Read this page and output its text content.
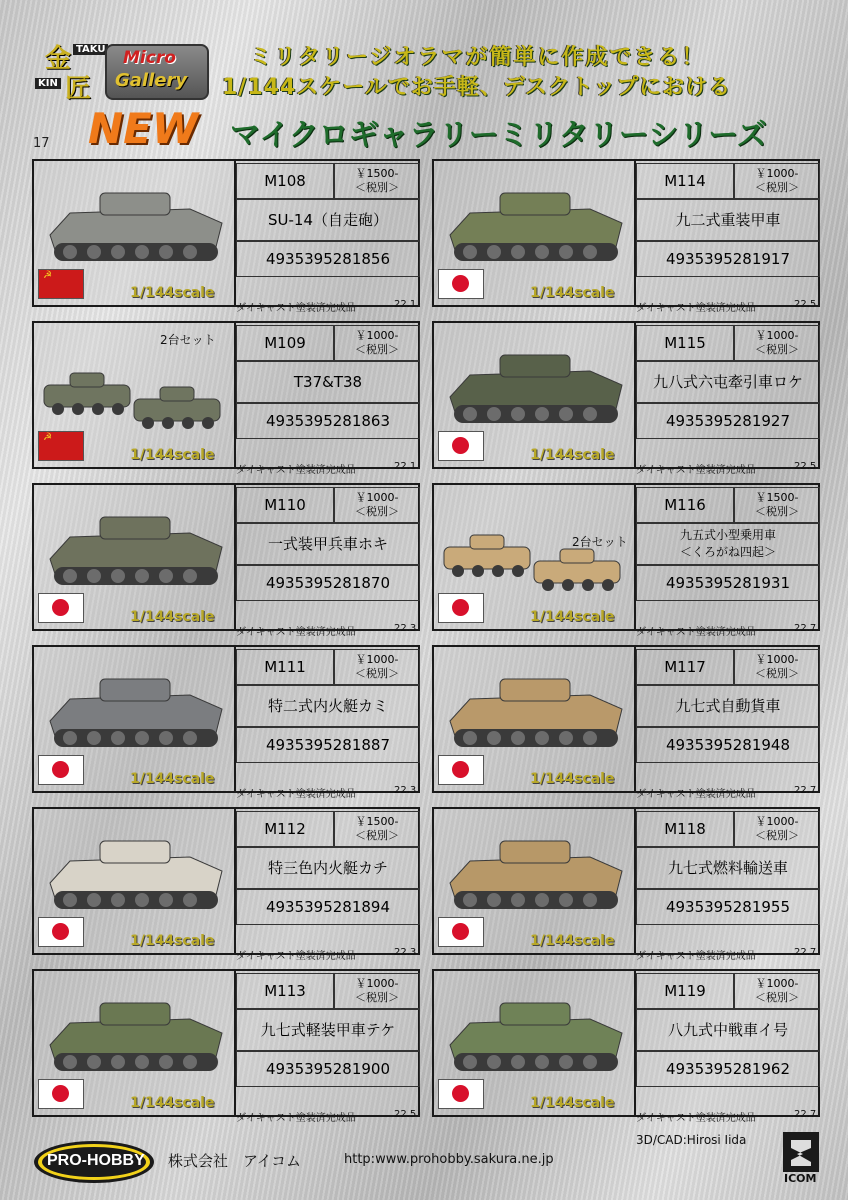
金
匠
KIN
TAKU Micro
Gallery
ミリタリージオラマが簡単に作成できる！
1/144スケールでお手軽、デスクトップにおける
NEW マイクロギャラリーミリタリーシリーズ
17
☭
1/144scale
M108	￥1500-
＜税別＞
SU-14（自走砲）
4935395281856
ダイキャスト塗装済完成品	22.1
1/144scale
M114	￥1000-
＜税別＞
九二式重装甲車
4935395281917
ダイキャスト塗装済完成品	22.5
2台セット
☭
1/144scale
M109	￥1000-
＜税別＞
T37&T38
4935395281863
ダイキャスト塗装済完成品	22.1
1/144scale
M115	￥1000-
＜税別＞
九八式六屯牽引車ロケ
4935395281927
ダイキャスト塗装済完成品	22.5
1/144scale
M110	￥1000-
＜税別＞
一式装甲兵車ホキ
4935395281870
ダイキャスト塗装済完成品	22.3
2台セット
1/144scale
M116	￥1500-
＜税別＞
九五式小型乗用車
＜くろがね四起＞
4935395281931
ダイキャスト塗装済完成品	22.7
1/144scale
M111	￥1000-
＜税別＞
特二式内火艇カミ
4935395281887
ダイキャスト塗装済完成品	22.3
1/144scale
M117	￥1000-
＜税別＞
九七式自動貨車
4935395281948
ダイキャスト塗装済完成品	22.7
1/144scale
M112	￥1500-
＜税別＞
特三色内火艇カチ
4935395281894
ダイキャスト塗装済完成品	22.3
1/144scale
M118	￥1000-
＜税別＞
九七式燃料輸送車
4935395281955
ダイキャスト塗装済完成品	22.7
1/144scale
M113	￥1000-
＜税別＞
九七式軽装甲車テケ
4935395281900
ダイキャスト塗装済完成品	22.5
1/144scale
M119	￥1000-
＜税別＞
八九式中戦車イ号
4935395281962
ダイキャスト塗装済完成品	22.7
PRO-HOBBY 株式会社　アイコム	http:www.prohobby.sakura.ne.jp
3D/CAD:Hirosi Iida
ICOM
